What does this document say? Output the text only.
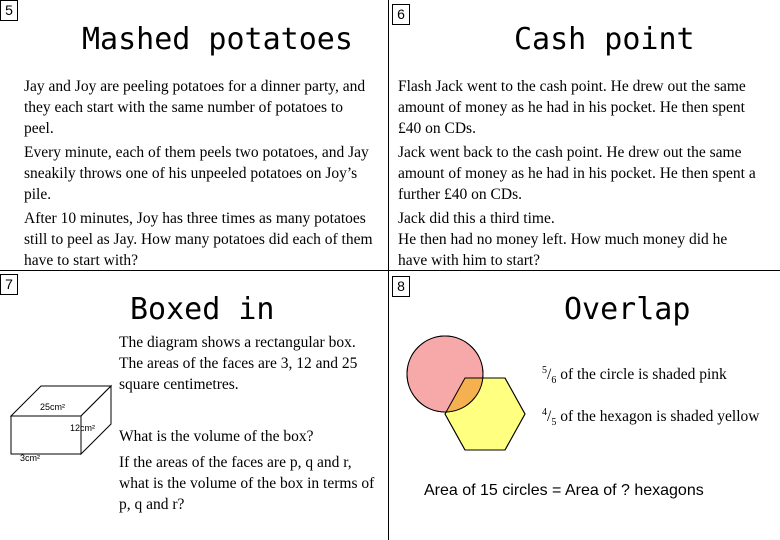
5
Mashed potatoes

Jay and Joy are peeling potatoes for a dinner party, and they each start with the same number of potatoes to peel.

Every minute, each of them peels two potatoes, and Jay sneakily throws one of his unpeeled potatoes on Joy’s pile.

After 10 minutes, Joy has three times as many potatoes still to peel as Jay. How many potatoes did each of them have to start with?

6
Cash point

Flash Jack went to the cash point. He drew out the same amount of money as he had in his pocket. He then spent £40 on CDs.

Jack went back to the cash point. He drew out the same amount of money as he had in his pocket. He then spent a further £40 on CDs.

Jack did this a third time.

He then had no money left. How much money did he have with him to start?

7
Boxed in
25cm²
12cm²
3cm²

The diagram shows a rectangular box. The areas of the faces are 3, 12 and 25 square centimetres.

What is the volume of the box?

If the areas of the faces are p, q and r, what is the volume of the box in terms of p, q and r?

8
Overlap

$^5/_6$ of the circle is shaded pink

$^4/_5$ of the hexagon is shaded yellow

Area of 15 circles = Area of ? hexagons
